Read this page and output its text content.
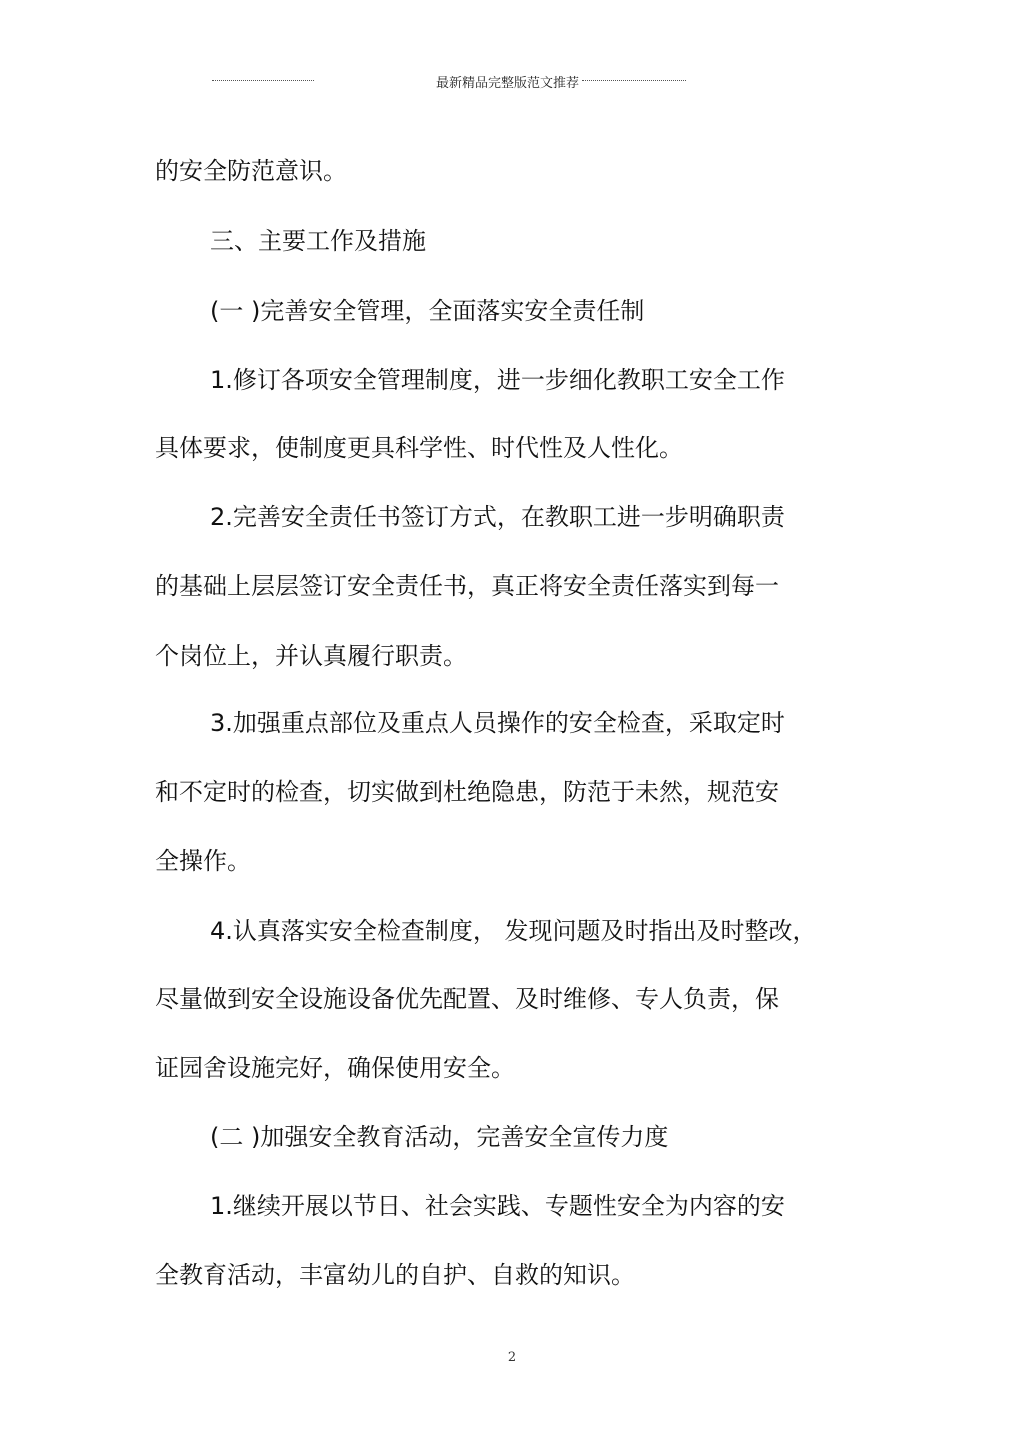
最新精品完整版范文推荐
的安全防范意识。
三、主要工作及措施
(一 )完善安全管理，全面落实安全责任制
1.修订各项安全管理制度，进一步细化教职工安全工作
具体要求，使制度更具科学性、时代性及人性化。
2.完善安全责任书签订方式，在教职工进一步明确职责
的基础上层层签订安全责任书，真正将安全责任落实到每一
个岗位上，并认真履行职责。
3.加强重点部位及重点人员操作的安全检查，采取定时
和不定时的检查，切实做到杜绝隐患，防范于未然，规范安
全操作。
4.认真落实安全检查制度， 发现问题及时指出及时整改，
尽量做到安全设施设备优先配置、及时维修、专人负责，保
证园舍设施完好，确保使用安全。
(二 )加强安全教育活动，完善安全宣传力度
1.继续开展以节日、社会实践、专题性安全为内容的安
全教育活动，丰富幼儿的自护、自救的知识。
2
